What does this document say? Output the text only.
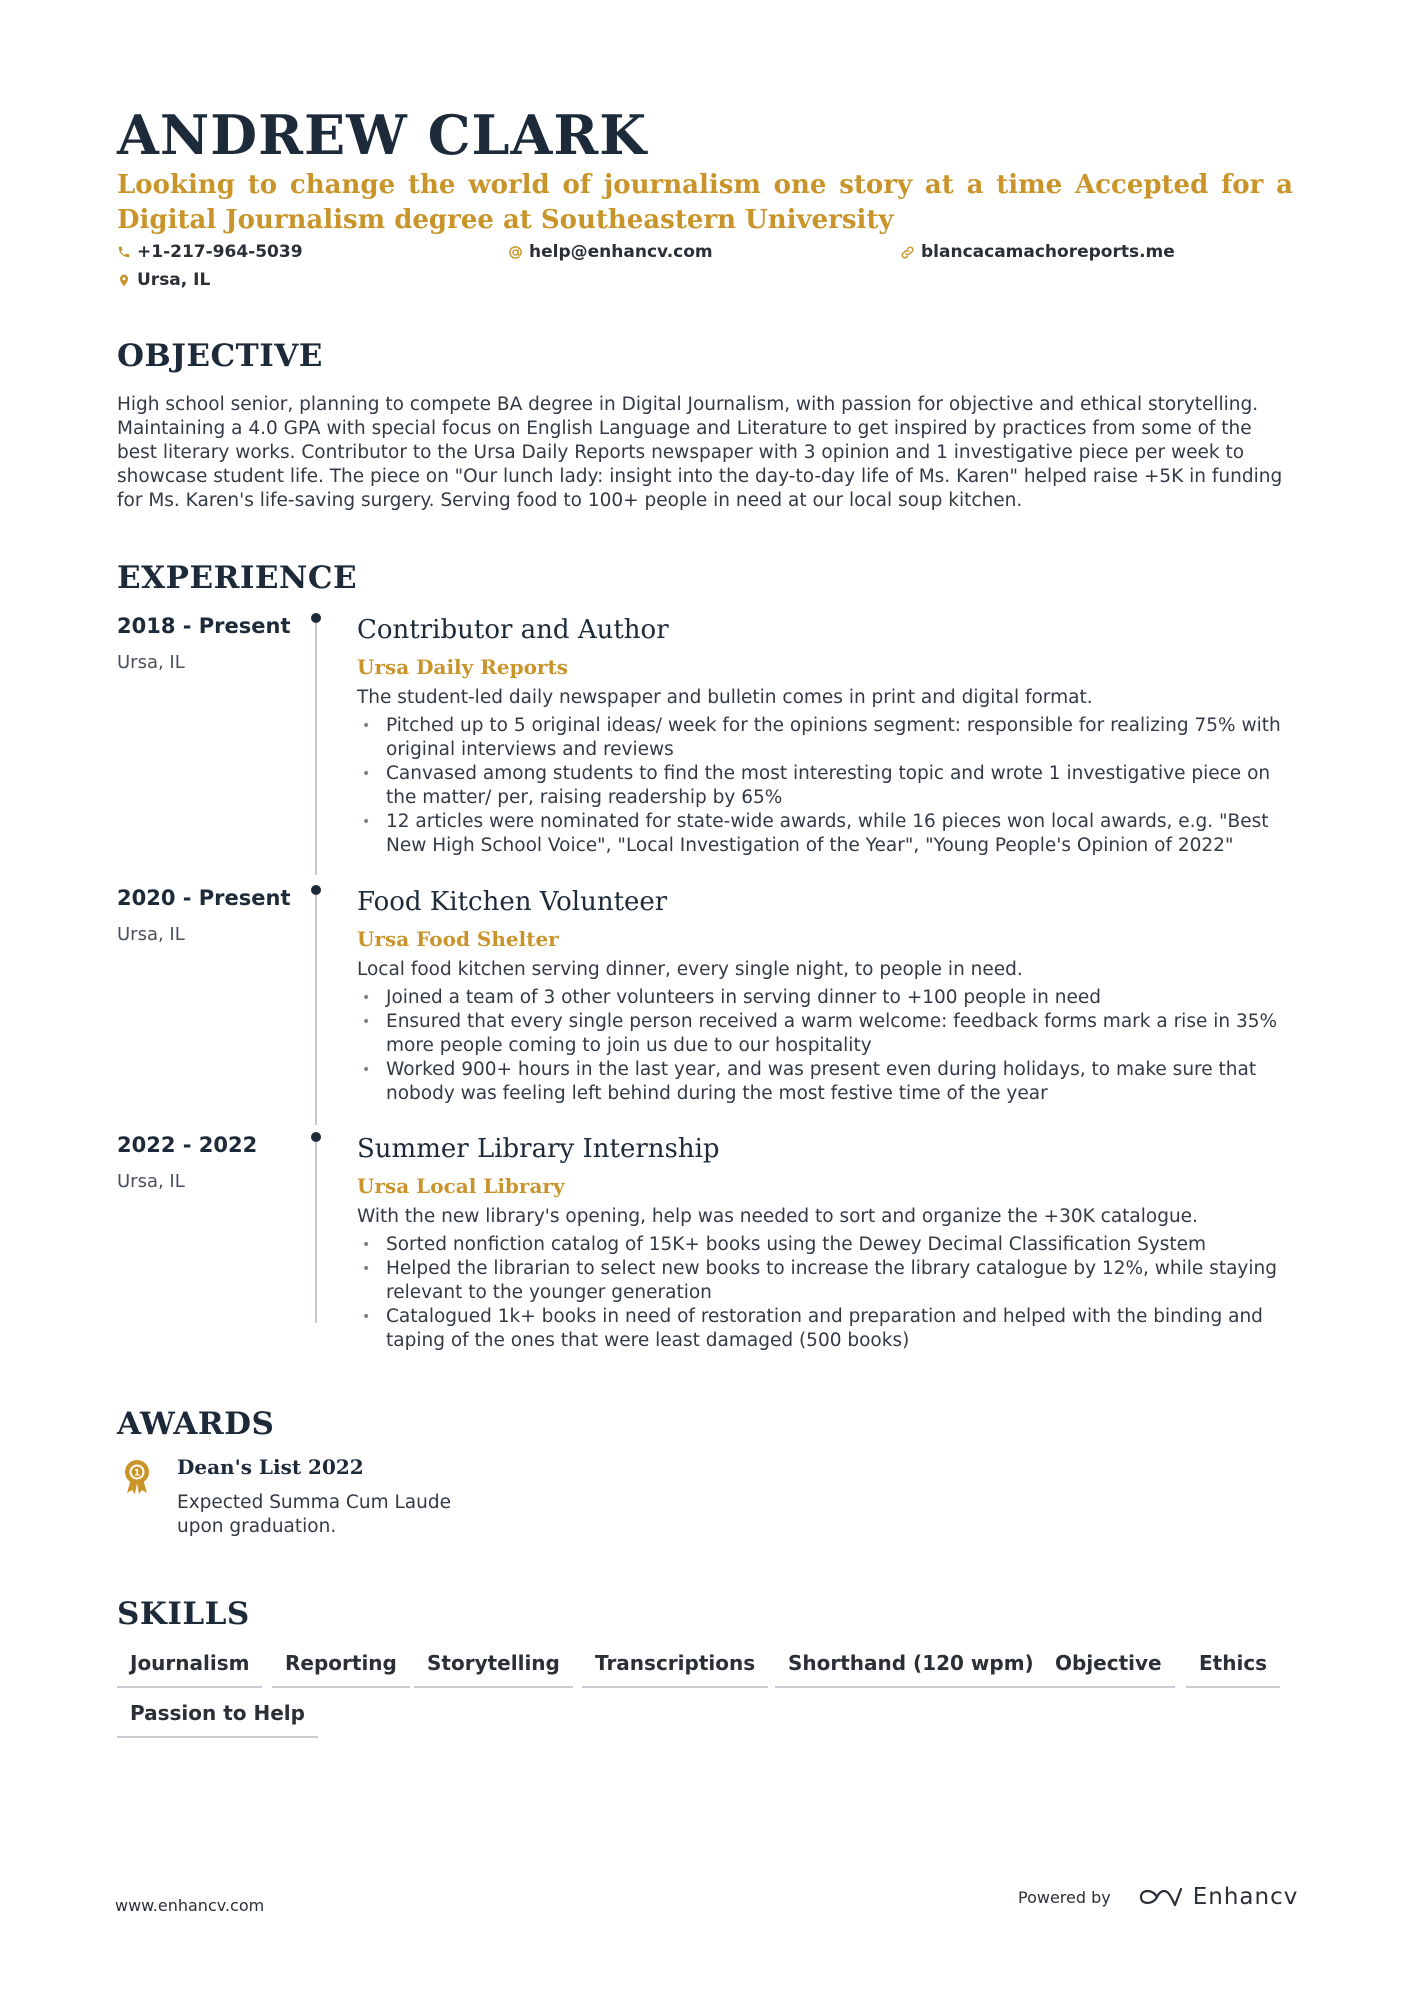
ANDREW CLARK
Looking to change the world of journalism one story at a time Accepted for a Digital Journalism degree at Southeastern University
+1-217-964-5039	help@enhancv.com	blancacamachoreports.me
Ursa, IL
OBJECTIVE
High school senior, planning to compete BA degree in Digital Journalism, with passion for objective and ethical storytelling. Maintaining a 4.0 GPA with special focus on English Language and Literature to get inspired by practices from some of the best literary works. Contributor to the Ursa Daily Reports newspaper with 3 opinion and 1 investigative piece per week to showcase student life. The piece on "Our lunch lady: insight into the day-to-day life of Ms. Karen" helped raise +5K in funding for Ms. Karen's life-saving surgery. Serving food to 100+ people in need at our local soup kitchen.
EXPERIENCE
2018 - Present
Ursa, IL
Contributor and Author
Ursa Daily Reports
The student-led daily newspaper and bulletin comes in print and digital format.
• Pitched up to 5 original ideas/ week for the opinions segment: responsible for realizing 75% with original interviews and reviews
• Canvased among students to find the most interesting topic and wrote 1 investigative piece on the matter/ per, raising readership by 65%
• 12 articles were nominated for state-wide awards, while 16 pieces won local awards, e.g. "Best New High School Voice", "Local Investigation of the Year", "Young People's Opinion of 2022"
2020 - Present
Ursa, IL
Food Kitchen Volunteer
Ursa Food Shelter
Local food kitchen serving dinner, every single night, to people in need.
• Joined a team of 3 other volunteers in serving dinner to +100 people in need
• Ensured that every single person received a warm welcome: feedback forms mark a rise in 35% more people coming to join us due to our hospitality
• Worked 900+ hours in the last year, and was present even during holidays, to make sure that nobody was feeling left behind during the most festive time of the year
2022 - 2022
Ursa, IL
Summer Library Internship
Ursa Local Library
With the new library's opening, help was needed to sort and organize the +30K catalogue.
• Sorted nonfiction catalog of 15K+ books using the Dewey Decimal Classification System
• Helped the librarian to select new books to increase the library catalogue by 12%, while staying relevant to the younger generation
• Catalogued 1k+ books in need of restoration and preparation and helped with the binding and taping of the ones that were least damaged (500 books)
AWARDS
1 Dean's List 2022
Expected Summa Cum Laude upon graduation.
SKILLS
Journalism	Reporting	Storytelling	Transcriptions	Shorthand (120 wpm)	Objective	Ethics
Passion to Help
www.enhancv.com	Powered by	Enhancv
